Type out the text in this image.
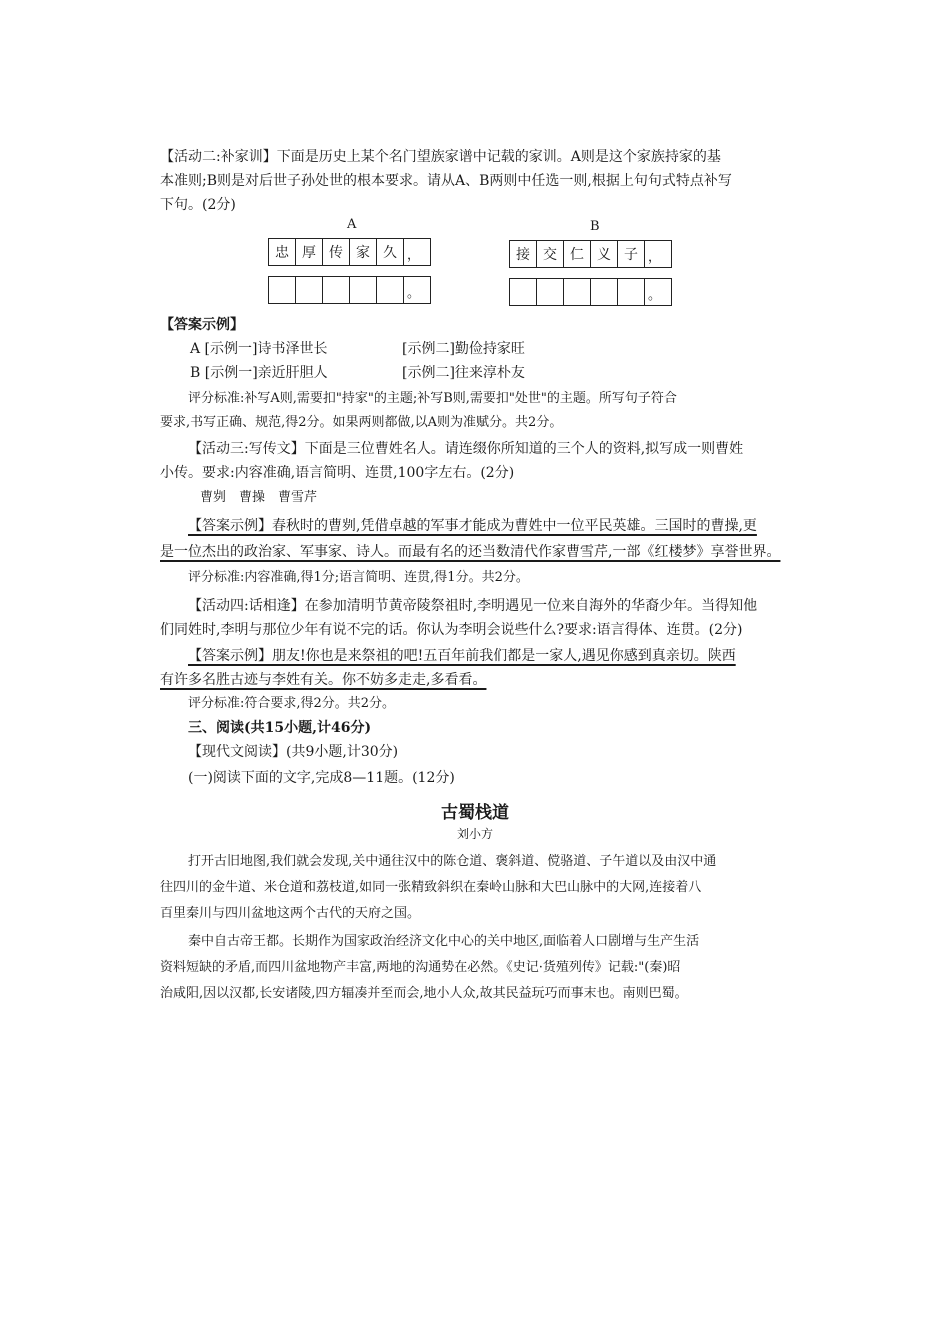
【活动二:补家训】下面是历史上某个名门望族家谱中记载的家训。A则是这个家族持家的基
本准则;B则是对后世子孙处世的根本要求。请从A、B两则中任选一则,根据上句句式特点补写
下句。(2分)
A	B
忠 厚 传 家 久 ，
。
接 交 仁 义 子 ，
。
【答案示例】
A [示例一]诗书泽世长	[示例二]勤俭持家旺
B [示例一]亲近肝胆人	[示例二]往来淳朴友
评分标准:补写A则,需要扣"持家"的主题;补写B则,需要扣"处世"的主题。所写句子符合
要求,书写正确、规范,得2分。如果两则都做,以A则为准赋分。共2分。
【活动三:写传文】下面是三位曹姓名人。请连缀你所知道的三个人的资料,拟写成一则曹姓
小传。要求:内容准确,语言简明、连贯,100字左右。(2分)
曹刿　曹操　曹雪芹
【答案示例】春秋时的曹刿,凭借卓越的军事才能成为曹姓中一位平民英雄。三国时的曹操,更
是一位杰出的政治家、军事家、诗人。而最有名的还当数清代作家曹雪芹,一部《红楼梦》享誉世界。
评分标准:内容准确,得1分;语言简明、连贯,得1分。共2分。
【活动四:话相逢】在参加清明节黄帝陵祭祖时,李明遇见一位来自海外的华裔少年。当得知他
们同姓时,李明与那位少年有说不完的话。你认为李明会说些什么?要求:语言得体、连贯。(2分)
【答案示例】朋友!你也是来祭祖的吧!五百年前我们都是一家人,遇见你感到真亲切。陕西
有许多名胜古迹与李姓有关。你不妨多走走,多看看。
评分标准:符合要求,得2分。共2分。
三、阅读(共15小题,计46分)
【现代文阅读】(共9小题,计30分)
(一)阅读下面的文字,完成8—11题。(12分)
古蜀栈道
刘小方
打开古旧地图,我们就会发现,关中通往汉中的陈仓道、褒斜道、傥骆道、子午道以及由汉中通
往四川的金牛道、米仓道和荔枝道,如同一张精致斜织在秦岭山脉和大巴山脉中的大网,连接着八
百里秦川与四川盆地这两个古代的天府之国。
秦中自古帝王都。长期作为国家政治经济文化中心的关中地区,面临着人口剧增与生产生活
资料短缺的矛盾,而四川盆地物产丰富,两地的沟通势在必然。《史记·货殖列传》记载:"(秦)昭
治咸阳,因以汉都,长安诸陵,四方辐凑并至而会,地小人众,故其民益玩巧而事末也。南则巴蜀。
